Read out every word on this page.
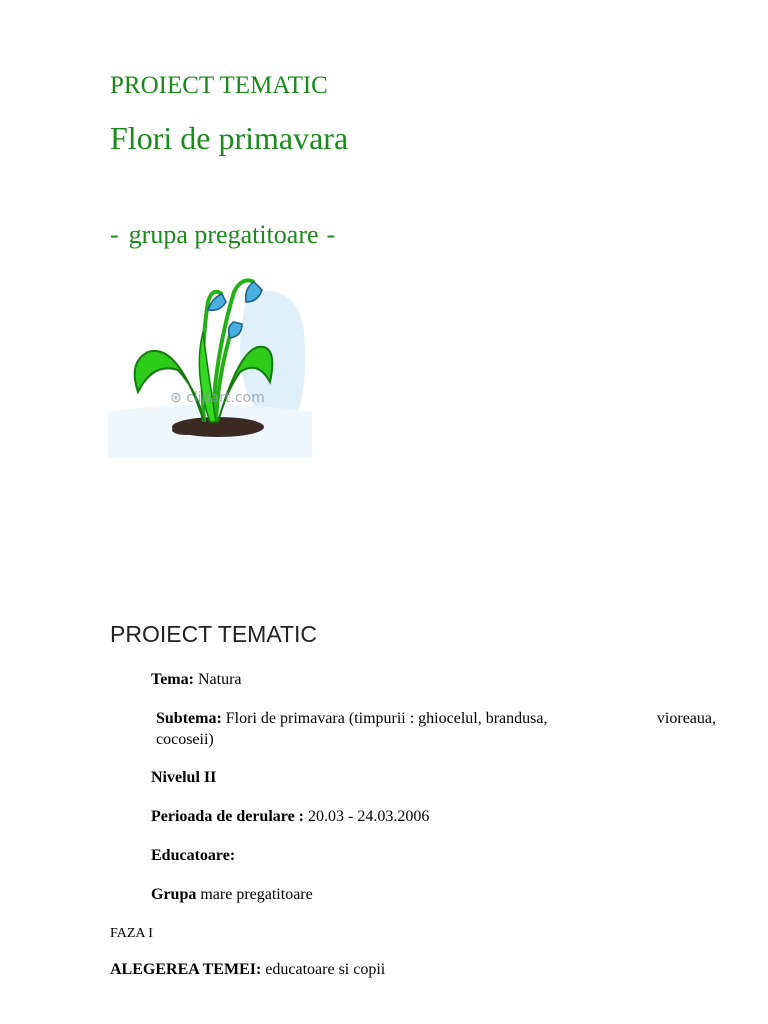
PROIECT TEMATIC
Flori de primavara
- grupa pregatitoare -
⊛ clipart.com
PROIECT TEMATIC
Tema: Natura
Subtema: Flori de primavara (timpurii : ghiocelul, brandusa,	vioreaua,
cocoseii)
Nivelul II
Perioada de derulare : 20.03 - 24.03.2006
Educatoare:
Grupa mare pregatitoare
FAZA I
ALEGEREA TEMEI: educatoare si copii
